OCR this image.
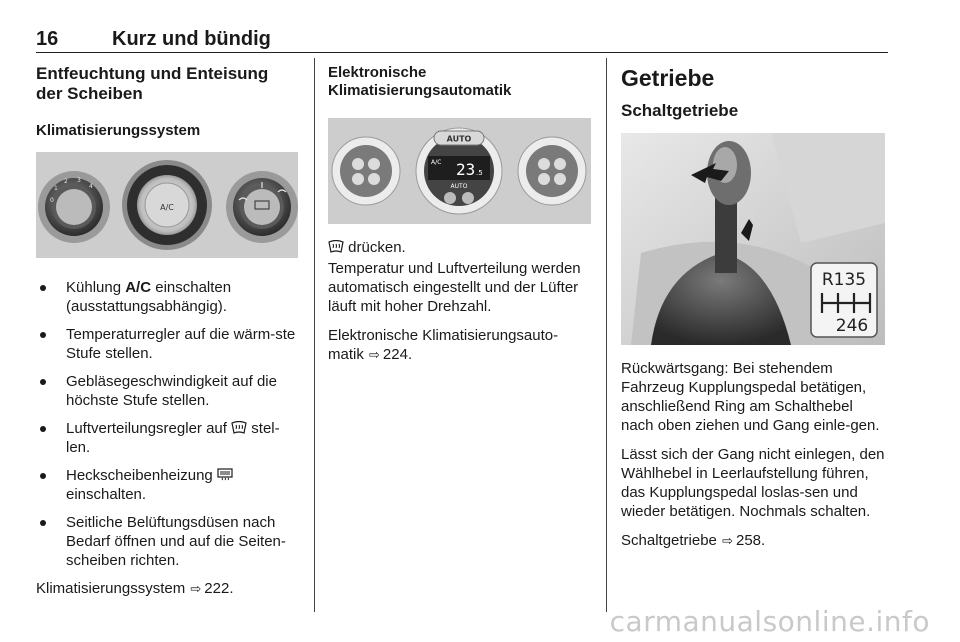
16	Kurz und bündig
Entfeuchtung und Enteisung der Scheiben
Klimatisierungssystem
0
1
2 3
4
A/C
Kühlung A/C einschalten (ausstattungsabhängig).
Temperaturregler auf die wärm-ste Stufe stellen.
Gebläsegeschwindigkeit auf die höchste Stufe stellen.
Luftverteilungsregler auf  stel-len.
Heckscheibenheizung
einschalten.
Seitliche Belüftungsdüsen nach Bedarf öffnen und auf die Seiten-scheiben richten.

Klimatisierungssystem ⇨ 222.

Elektronische Klimatisierungsautomatik
AUTO
A/C 23 .5
AUTO

drücken.

Temperatur und Luftverteilung werden automatisch eingestellt und der Lüfter läuft mit hoher Drehzahl.

Elektronische Klimatisierungsauto-matik ⇨ 224.

Getriebe
Schaltgetriebe
R135
246

Rückwärtsgang: Bei stehendem Fahrzeug Kupplungspedal betätigen, anschließend Ring am Schalthebel nach oben ziehen und Gang einle-gen.

Lässt sich der Gang nicht einlegen, den Wählhebel in Leerlaufstellung führen, das Kupplungspedal loslas-sen und wieder betätigen. Nochmals schalten.

Schaltgetriebe ⇨ 258.

carmanualsonline.info
